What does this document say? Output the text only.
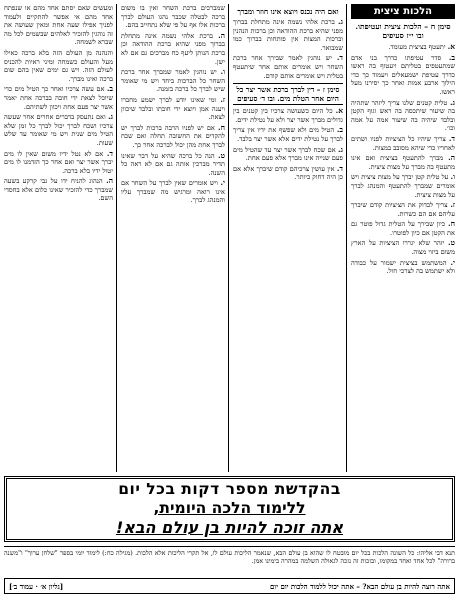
הלכות ציצית
סימן ח – הלכות ציצית ועטיפתו. ובו י״ז סעיפים

א. יתעטף בציצית מעומד.

ב. סדר עטיפתו כדרך בני אדם שמתעטפים בטליתם ויעטוף בה ראשו כדרך עטיפת ישמעאלים ויעמוד כך כדי הילוך ארבע אמות ואחר כך יסירנו מעל ראשו.

ג. טלית קטנים שלנו צריך ליזהר שתהיה בה שיעור שיתכסה בה ראש וגוף הקטן ובלבד שיהיה בה שיעור אמה על אמה וכו׳.

ד. צריך שיהיו כל הציציות לפניו ושתים לאחריו כדי שיהא מסובב במצות.

ה. מברך להתעטף בציצית ואם אינו מתעטף בה מברך על מצות ציצית.

ו. על טלית קטן יברך על מצות ציצית ויש אומרים שמברך להתעטף והמנהג לברך על מצות ציצית.

ז. צריך לבדוק את הציציות קודם שיברך עליהם אם הם כשרות.

ח. כיון שבירך על הטלית גדול פוטר גם את הקטן אם כיון לפוטרו.

ט. יזהר שלא יגררו הציציות על הארץ משום ביזוי מצוה.

י. המשתמש בציצית ישמור על כבודה ולא ישתמש בה לצרכי חול.

ואם היה נכנס ויוצא אינו חוזר ומברך

ג. ברכת אלהי נשמה אינה מתחלת בברוך מפני שהיא ברכת ההודאה וכן ברכות הנהנין וברכות המצות אין פותחות בברוך כמו שמבואר.

ד. יש נוהגין לאמר שבירך אחר ברכת השחר ויש אומרים אותם אחר שיתעטף בטלית ויש אומרים אותם קודם.

סימן ז – דין לברך ברכת אשר יצר כל היום אחר הטלת מים. ובו ד׳ סעיפים

א. כל היום כשעושה צרכיו בין קטנים בין גדולים מברך אשר יצר ולא על נטילת ידים.

ב. הטיל מים ולא שפשף את ידיו אין צריך לברך על נטילת ידים אלא אשר יצר בלבד.

ג. אם שכח לברך אשר יצר עד שהטיל מים פעם שנייה אינו מברך אלא פעם אחת.

ד. אין עושין צרכיהם קודם שיברך אלא אם כן היה דחוק ביותר.

שמברכים ברכת השחר ואין בו משום ברכה לבטלה שכבר נהגו העולם לברך ברכות אלו אף על פי שלא נתחייב בהם.

ה. ברכת אלהי נשמה אינה מתחלת בברוך מפני שהיא ברכת ההודאה וכן ברכת הנותן ליעף כח מברכים גם אם לא ישן.

ו. יש נוהגין לאמר שמברך אחר ברכת השחר כל הברכות ביחד ויש מי שאומר שיש לברך כל ברכה בזמנה.

ז. ומי שאינו יודע לברך ישמע מחברו ויענה אמן ויוצא ידי חובתו ובלבד שיכוון לצאת.

ח. אם יש לפניו הרבה ברכות לברך יש להקדים את החשובה תחלה ואם שכח לברך אחת מהן יכול לברכה אחר כך.

ט. הנה כל ברכה שהיא על דבר שאינו תדיר מברכין אותה גם אם לא ראה כל השנה.

י. ויש אומרים שאין לברך על השחר אם אינו רואה ומרגיש מה שמברך עליו והמנהג לברך.

ומעשים שאם יסתם אחד מהם או שנפתח אחד מהם אי אפשר להתקיים ולעמוד לפניך אפילו שעה אחת ומאין שעושה את זה נוהגין להזכיר לאלהים שבשמים לכל מה שברא לשמחה.

והנהנה מן העולם הזה בלא ברכה כאילו מעל והעולם כשמחה ומיני ראיות להכניס לעולם הזה. ויש גם ימים שאין בהם שום ברכה ואינו מברך.

ב. אם עשה צרכיו ואחר כך הטיל מים כדי שיוכל לצאת ידי חובה בברכה אחת יאמר אשר יצר פעם אחת ויכוון לשתיהם.

ג. ואם נתעסק בדברים אחרים אחר שעשה צרכיו ושכח לברך יכול לברך כל זמן שלא הטיל מים שנית ויש מי שאומר עד שלש שעות.

ד. אם לא נטל ידיו משום שאין לו מים יברך אשר יצר ואם אחר כך הזדמנו לו מים יטול ידיו בלא ברכה.

ה. הנהוג להניח ידו על גבי קרקע בשעה שמברך כדי להזכיר שאינו כלום אלא בחסדי השם.

בהקדשת מספר דקות בכל יום
ללימוד הלכה היומית,
אתה זוכה להיות בן עולם הבא!
תנא דבי אליהו: כל השונה הלכות בכל יום מובטח לו שהוא בן עולם הבא, שנאמר הליכות עולם לו, אל תקרי הליכות אלא הלכות. (מגילה כח:) לימוד יומי בספר "שלחן ערוך" ו"משנה ברורה" לכל אחד ואחד במקומו, ובזכות זה נזכה לגאולה השלמה במהרה בימינו אמן.
אתה רוצה להיות בן עולם הבא? – אתה יכול ללמוד הלכות יום יום
[גליון א׳ · עמוד ב׳]
